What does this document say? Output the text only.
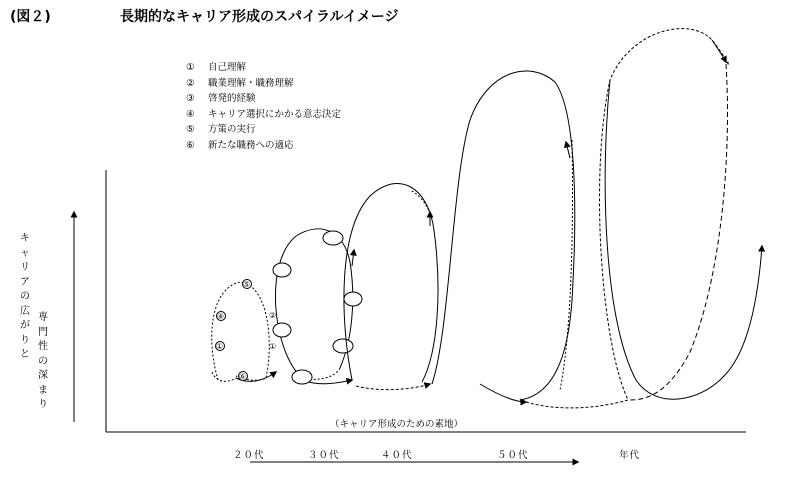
(図２)	長期的なキャリア形成のスパイラルイメージ
①	自己理解
②	職業理解・職務理解
③	啓発的経験
④	キャリア選択にかかる意志決定
⑤	方策の実行
⑥	新たな職務への適応
①
④
⑤
⑥
②
①
キャリアの広がりと
専門性の深まり
（キャリア形成のための素地）
２０代	３０代	４０代	５０代	年代
